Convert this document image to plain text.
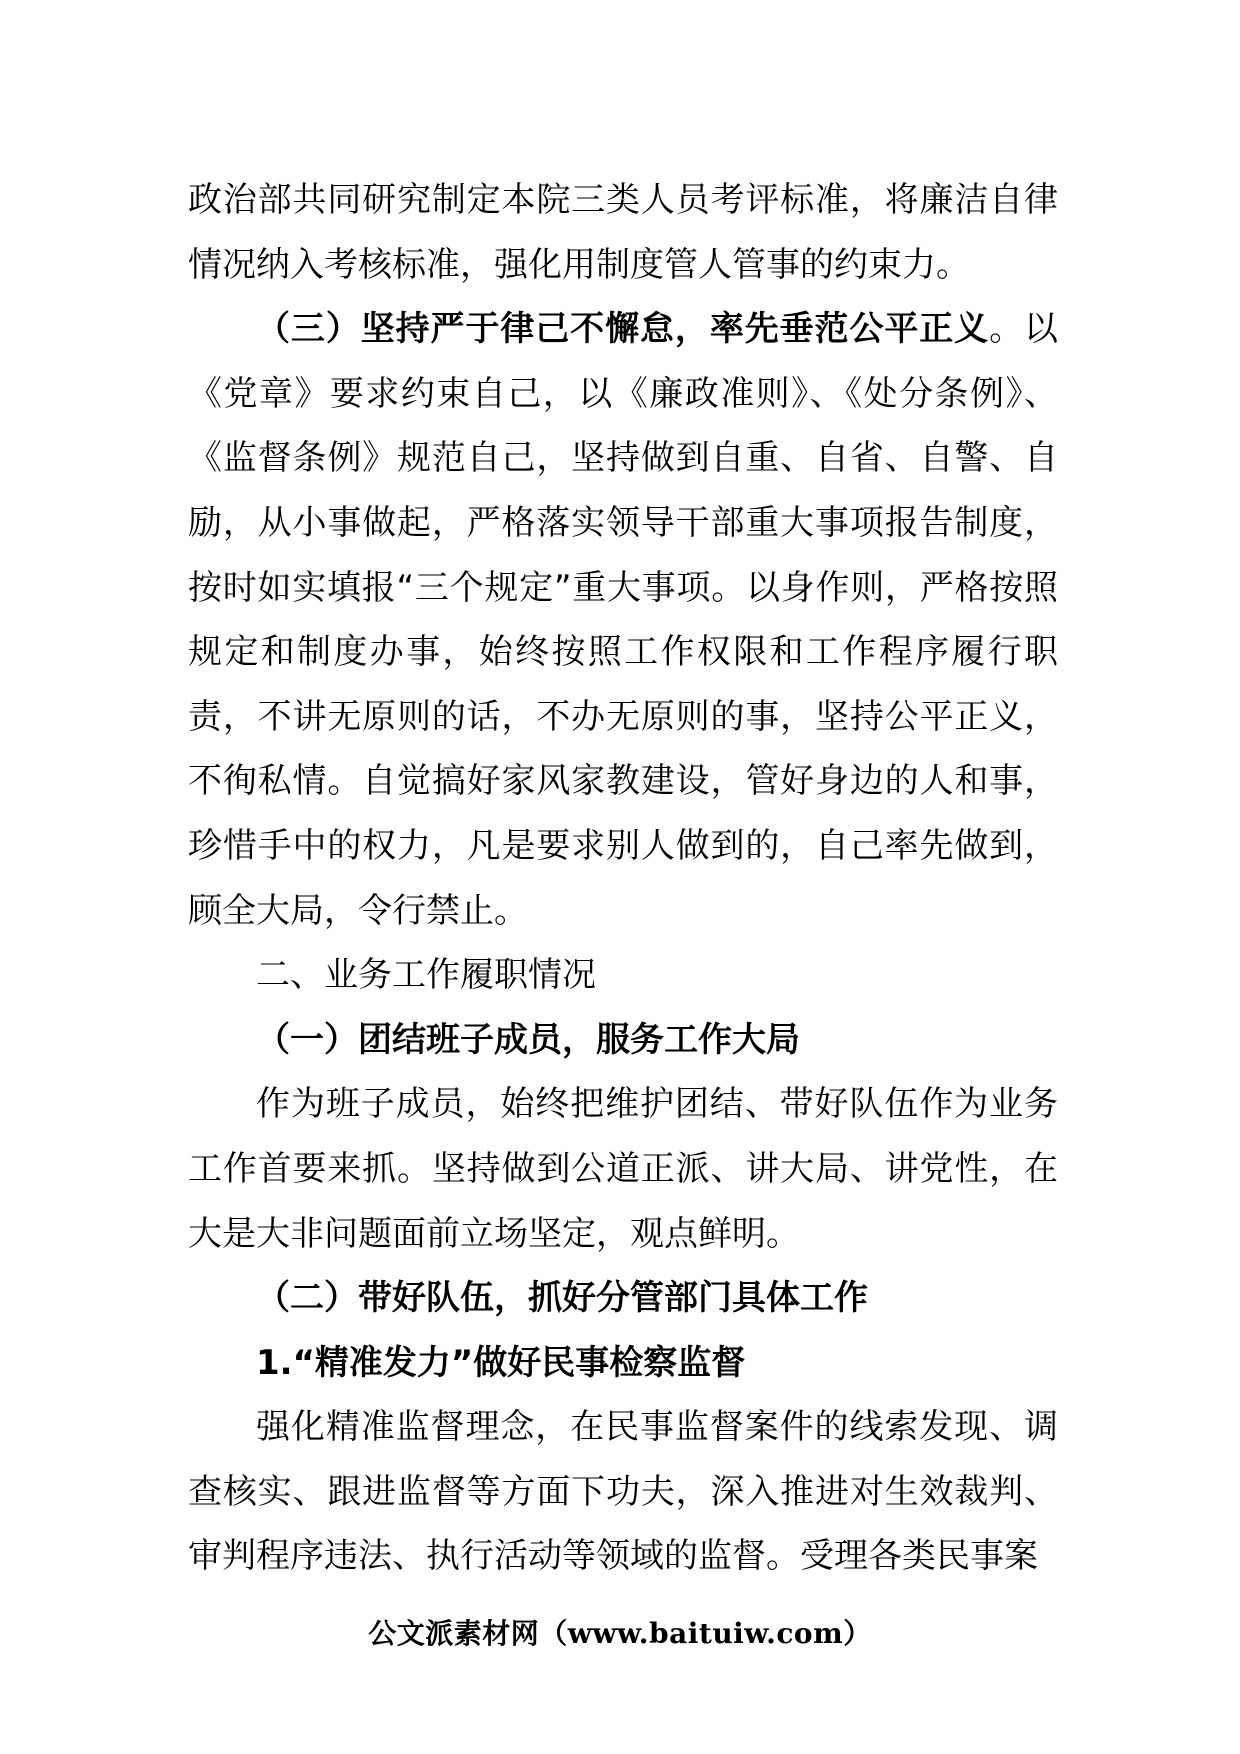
政治部共同研究制定本院三类人员考评标准，将廉洁自律情况纳入考核标准，强化用制度管人管事的约束力。

（三）坚持严于律己不懈怠，率先垂范公平正义。以《党章》要求约束自己，以《廉政准则》、《处分条例》、《监督条例》规范自己，坚持做到自重、自省、自警、自励，从小事做起，严格落实领导干部重大事项报告制度，按时如实填报“三个规定”重大事项。以身作则，严格按照规定和制度办事，始终按照工作权限和工作程序履行职责，不讲无原则的话，不办无原则的事，坚持公平正义，不徇私情。自觉搞好家风家教建设，管好身边的人和事，珍惜手中的权力，凡是要求别人做到的，自己率先做到，顾全大局，令行禁止。

二、业务工作履职情况

（一）团结班子成员，服务工作大局

作为班子成员，始终把维护团结、带好队伍作为业务工作首要来抓。坚持做到公道正派、讲大局、讲党性，在大是大非问题面前立场坚定，观点鲜明。

（二）带好队伍，抓好分管部门具体工作

1.“精准发力”做好民事检察监督

强化精准监督理念，在民事监督案件的线索发现、调查核实、跟进监督等方面下功夫，深入推进对生效裁判、审判程序违法、执行活动等领域的监督。受理各类民事案

公文派素材网（www.baituiw.com）
